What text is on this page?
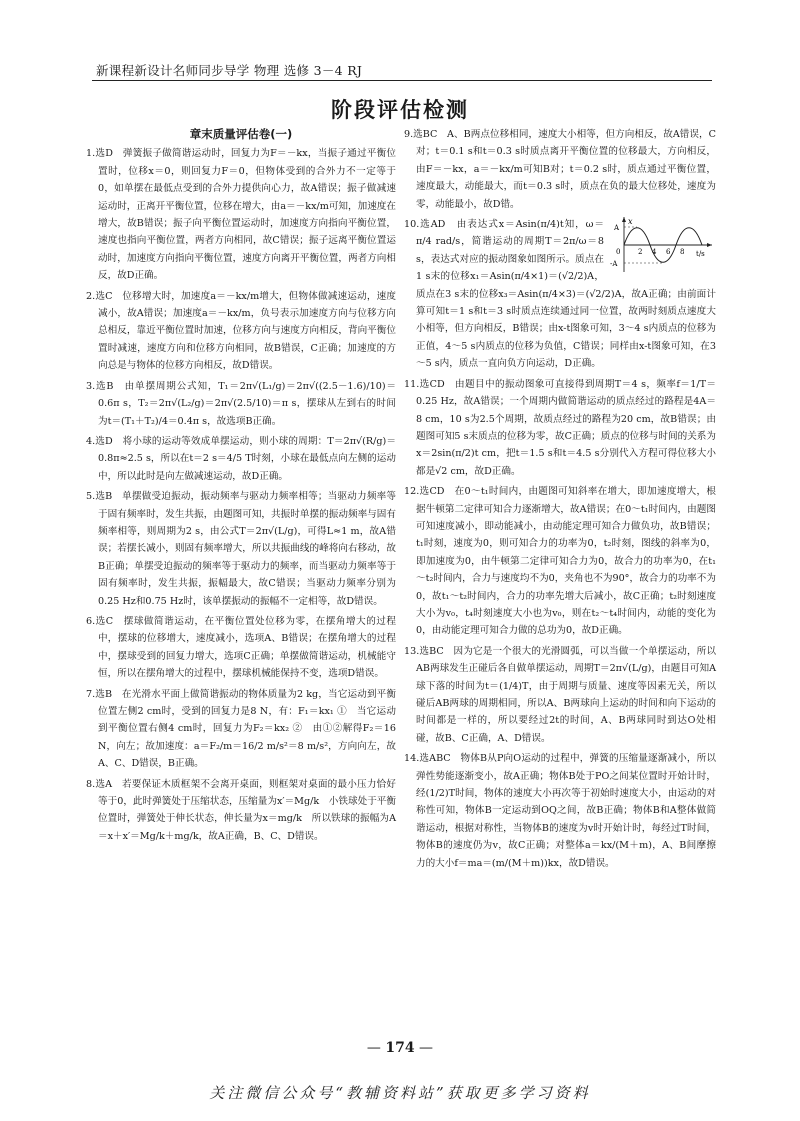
新课程新设计名师同步导学 物理 选修 3－4 RJ
阶段评估检测
章末质量评估卷(一)
1.选D　弹簧振子做简谐运动时，回复力为F＝－kx，当振子通过平衡位置时，位移x＝0，则回复力F＝0，但物体受到的合外力不一定等于0，如单摆在最低点受到的合外力提供向心力，故A错误；振子做减速运动时，正离开平衡位置，位移在增大，由a＝－kx/m可知，加速度在增大，故B错误；振子向平衡位置运动时，加速度方向指向平衡位置，速度也指向平衡位置，两者方向相同，故C错误；振子远离平衡位置运动时，加速度方向指向平衡位置，速度方向离开平衡位置，两者方向相反，故D正确。
2.选C　位移增大时，加速度a＝－kx/m增大，但物体做减速运动，速度减小，故A错误；加速度a＝－kx/m，负号表示加速度方向与位移方向总相反，靠近平衡位置时加速，位移方向与速度方向相反，背向平衡位置时减速，速度方向和位移方向相同，故B错误，C正确；加速度的方向总是与物体的位移方向相反，故D错误。
3.选B　由单摆周期公式知，T₁＝2π√(L₁/g)＝2π√((2.5－1.6)/10)＝0.6π s，T₂＝2π√(L₂/g)＝2π√(2.5/10)＝π s，摆球从左到右的时间为t＝(T₁＋T₂)/4＝0.4π s，故选项B正确。
4.选D　将小球的运动等效成单摆运动，则小球的周期：T＝2π√(R/g)＝0.8π≈2.5 s，所以在t＝2 s＝4/5 T时刻，小球在最低点向左侧的运动中，所以此时是向左做减速运动，故D正确。
5.选B　单摆做受迫振动，振动频率与驱动力频率相等；当驱动力频率等于固有频率时，发生共振，由题图可知，共振时单摆的振动频率与固有频率相等，则周期为2 s，由公式T＝2π√(L/g)，可得L≈1 m，故A错误；若摆长减小，则固有频率增大，所以共振曲线的峰将向右移动，故B正确；单摆受迫振动的频率等于驱动力的频率，而当驱动力频率等于固有频率时，发生共振，振幅最大，故C错误；当驱动力频率分别为0.25 Hz和0.75 Hz时，该单摆振动的振幅不一定相等，故D错误。
6.选C　摆球做简谐运动，在平衡位置处位移为零，在摆角增大的过程中，摆球的位移增大，速度减小，选项A、B错误；在摆角增大的过程中，摆球受到的回复力增大，选项C正确；单摆做简谐运动，机械能守恒，所以在摆角增大的过程中，摆球机械能保持不变，选项D错误。
7.选B　在光滑水平面上做简谐振动的物体质量为2 kg，当它运动到平衡位置左侧2 cm时，受到的回复力是8 N，有：F₁＝kx₁ ①　当它运动到平衡位置右侧4 cm时，回复力为F₂＝kx₂ ②　由①②解得F₂＝16 N，向左；故加速度：a＝F₂/m＝16/2 m/s²＝8 m/s²，方向向左，故A、C、D错误，B正确。
8.选A　若要保证木质框架不会离开桌面，则框架对桌面的最小压力恰好等于0，此时弹簧处于压缩状态，压缩量为x′＝Mg/k　小铁球处于平衡位置时，弹簧处于伸长状态，伸长量为x＝mg/k　所以铁球的振幅为A＝x＋x′＝Mg/k＋mg/k，故A正确，B、C、D错误。
9.选BC　A、B两点位移相同，速度大小相等，但方向相反，故A错误，C对；t＝0.1 s和t＝0.3 s时质点离开平衡位置的位移最大，方向相反，由F＝－kx，a＝－kx/m可知B对；t＝0.2 s时，质点通过平衡位置，速度最大，动能最大，而t＝0.3 s时，质点在负的最大位移处，速度为零，动能最小，故D错。
x
A
-A
0	2 4 6 8 t/s
10.选AD　由表达式x＝Asin(π/4)t知，ω＝π/4 rad/s，简谐运动的周期T＝2π/ω＝8 s，表达式对应的振动图象如图所示。质点在1 s末的位移x₁＝Asin(π/4×1)＝(√2/2)A，质点在3 s末的位移x₃＝Asin(π/4×3)＝(√2/2)A，故A正确；由前面计算可知t＝1 s和t＝3 s时质点连续通过同一位置，故两时刻质点速度大小相等，但方向相反，B错误；由x-t图象可知，3～4 s内质点的位移为正值，4～5 s内质点的位移为负值，C错误；同样由x-t图象可知，在3～5 s内，质点一直向负方向运动，D正确。
11.选CD　由题目中的振动图象可直接得到周期T＝4 s，频率f＝1/T＝0.25 Hz，故A错误；一个周期内做简谐运动的质点经过的路程是4A＝8 cm，10 s为2.5个周期，故质点经过的路程为20 cm，故B错误；由题图可知5 s末质点的位移为零，故C正确；质点的位移与时间的关系为x＝2sin(π/2)t cm，把t＝1.5 s和t＝4.5 s分别代入方程可得位移大小都是√2 cm，故D正确。
12.选CD　在0～t₁时间内，由题图可知斜率在增大，即加速度增大，根据牛顿第二定律可知合力逐渐增大，故A错误；在0～t₁时间内，由题图可知速度减小，即动能减小，由动能定理可知合力做负功，故B错误；t₁时刻，速度为0，则可知合力的功率为0，t₂时刻，图线的斜率为0，即加速度为0，由牛顿第二定律可知合力为0，故合力的功率为0，在t₁～t₂时间内，合力与速度均不为0，夹角也不为90°，故合力的功率不为0，故t₁～t₂时间内，合力的功率先增大后减小，故C正确；t₂时刻速度大小为v₀，t₄时刻速度大小也为v₀，则在t₂～t₄时间内，动能的变化为0，由动能定理可知合力做的总功为0，故D正确。
13.选BC　因为它是一个很大的光滑圆弧，可以当做一个单摆运动，所以AB两球发生正碰后各自做单摆运动，周期T＝2π√(L/g)，由题目可知A球下落的时间为t＝(1/4)T，由于周期与质量、速度等因素无关，所以碰后AB两球的周期相同，所以A、B两球向上运动的时间和向下运动的时间都是一样的，所以要经过2t的时间，A、B两球同时到达O处相碰，故B、C正确，A、D错误。
14.选ABC　物体B从P向O运动的过程中，弹簧的压缩量逐渐减小，所以弹性势能逐渐变小，故A正确；物体B处于PO之间某位置时开始计时，经(1/2)T时间，物体的速度大小再次等于初始时速度大小，由运动的对称性可知，物体B一定运动到OQ之间，故B正确；物体B和A整体做简谐运动，根据对称性，当物体B的速度为v时开始计时，每经过T时间，物体B的速度仍为v，故C正确；对整体a＝kx/(M＋m)，A、B间摩擦力的大小f＝ma＝(m/(M＋m))kx，故D错误。
— 174 —
关注微信公众号“教辅资料站”获取更多学习资料
